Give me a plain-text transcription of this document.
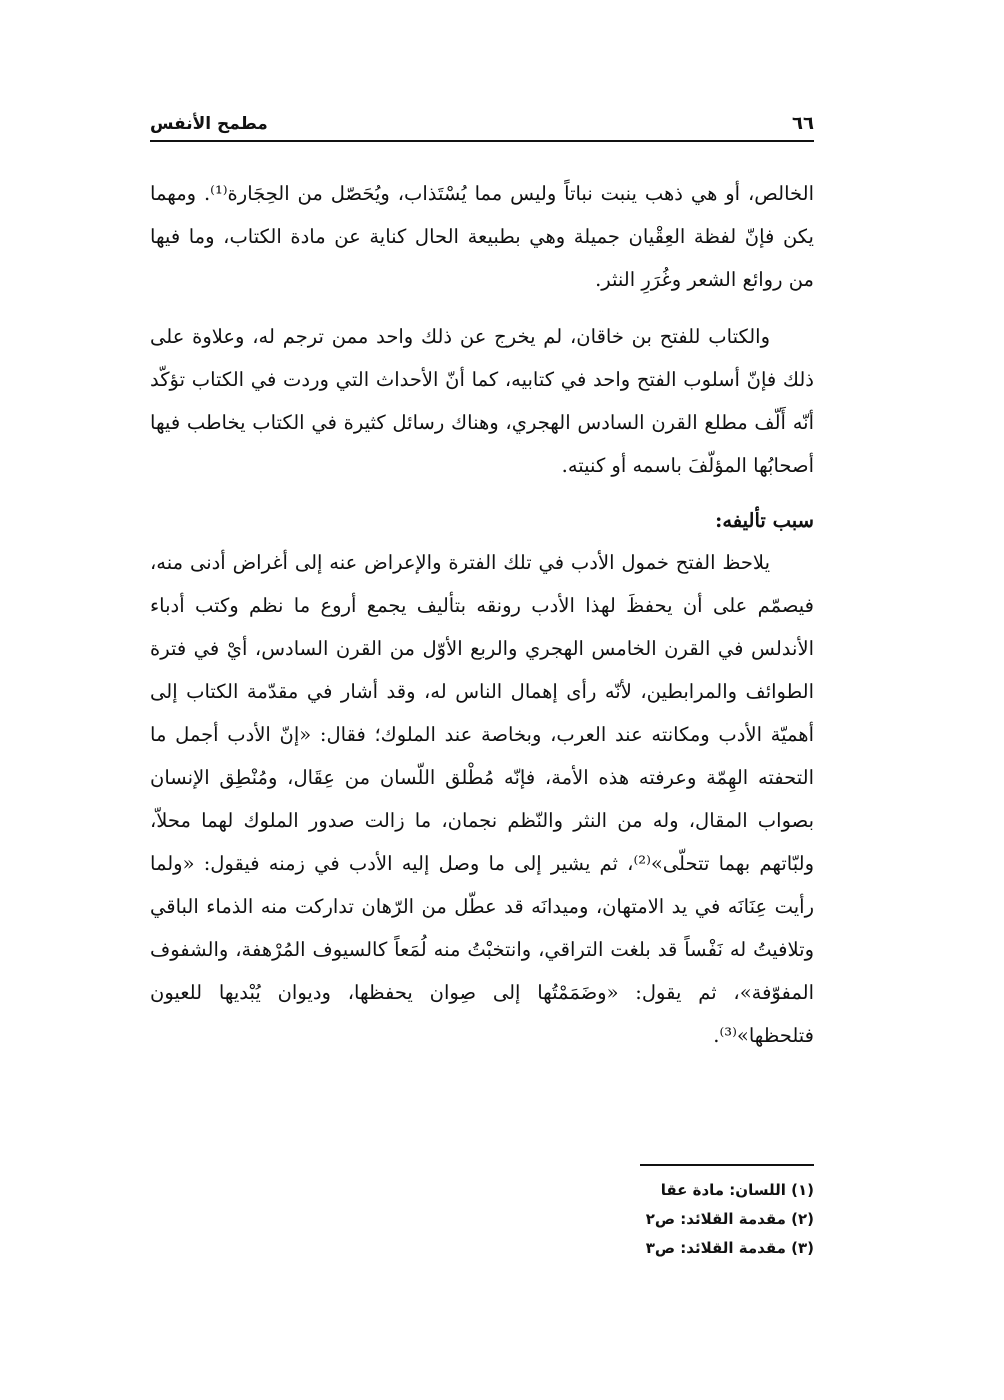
٦٦
مطمح الأنفس

الخالص، أو هي ذهب ينبت نباتاً وليس مما يُسْتَذاب، ويُحَصّل من الحِجَارة⁽¹⁾. ومهما يكن فإنّ لفظة العِقْيان جميلة وهي بطبيعة الحال كناية عن مادة الكتاب، وما فيها من روائع الشعر وغُرَرِ النثر.

والكتاب للفتح بن خاقان، لم يخرج عن ذلك واحد ممن ترجم له، وعلاوة على ذلك فإنّ أسلوب الفتح واحد في كتابيه، كما أنّ الأحداث التي وردت في الكتاب تؤكّد أنّه أَلّف مطلع القرن السادس الهجري، وهناك رسائل كثيرة في الكتاب يخاطب فيها أصحابُها المؤلّفَ باسمه أو كنيته.

سبب تأليفه:

يلاحظ الفتح خمول الأدب في تلك الفترة والإعراض عنه إلى أغراض أدنى منه، فيصمّم على أن يحفظَ لهذا الأدب رونقه بتأليف يجمع أروع ما نظم وكتب أدباء الأندلس في القرن الخامس الهجري والربع الأوّل من القرن السادس، أيْ في فترة الطوائف والمرابطين، لأنّه رأى إهمال الناس له، وقد أشار في مقدّمة الكتاب إلى أهميّة الأدب ومكانته عند العرب، وبخاصة عند الملوك؛ فقال: «إنّ الأدب أجمل ما التحفته الهِمّة وعرفته هذه الأمة، فإنّه مُطْلق اللّسان من عِقَال، ومُنْطِق الإنسان بصواب المقال، وله من النثر والنّظم نجمان، ما زالت صدور الملوك لهما محلاّ، ولبّاتهم بهما تتحلّى»⁽²⁾، ثم يشير إلى ما وصل إليه الأدب في زمنه فيقول: «ولما رأيت عِنَانَه في يد الامتهان، وميدانَه قد عطّل من الرّهان تداركت منه الذماء الباقي وتلافيتُ له نَفْساً قد بلغت التراقي، وانتخبْتُ منه لُمَعاً كالسيوف المُرْهفة، والشفوف المفوّفة»، ثم يقول: «وضَمَمْتُها إلى صِوان يحفظها، وديوان يُبْديها للعيون فتلحظها»⁽³⁾.

(١) اللسان: مادة عقا
(٢) مقدمة القلائد: ص٢
(٣) مقدمة القلائد: ص٣
